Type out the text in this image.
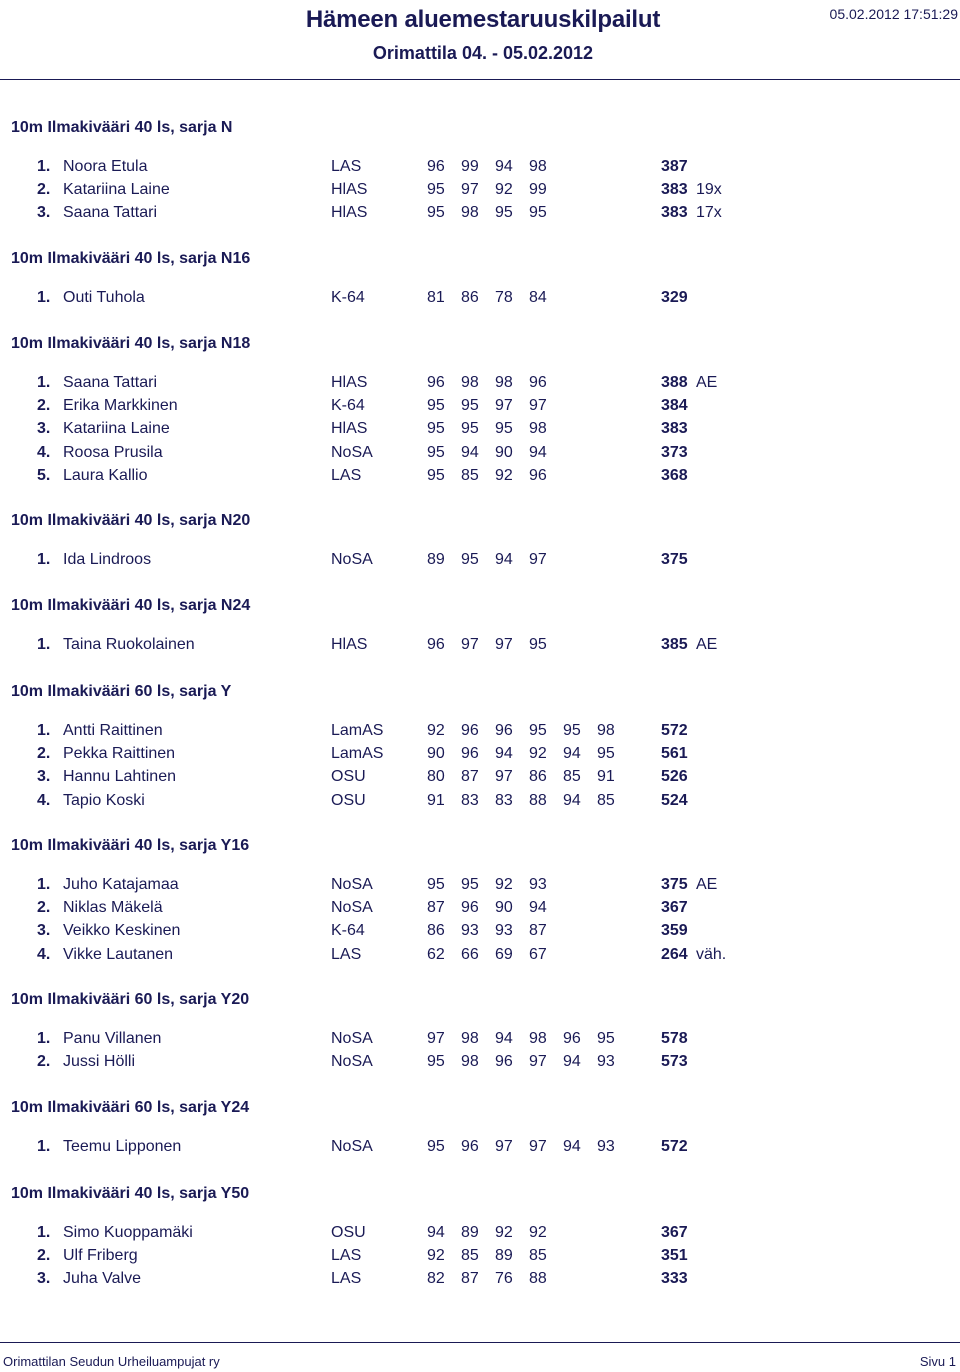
Hämeen aluemestaruuskilpailut
Orimattila 04. - 05.02.2012
05.02.2012 17:51:29
10m Ilmakivääri 40 ls, sarja N
1. Noora Etula	LAS	96 99 94 98	387
2. Katariina Laine	HlAS	95 97 92 99	383 19x
3. Saana Tattari	HlAS	95 98 95 95	383 17x
10m Ilmakivääri 40 ls, sarja N16
1. Outi Tuhola	K-64	81 86 78 84	329
10m Ilmakivääri 40 ls, sarja N18
1. Saana Tattari	HlAS	96 98 98 96	388 AE
2. Erika Markkinen	K-64	95 95 97 97	384
3. Katariina Laine	HlAS	95 95 95 98	383
4. Roosa Prusila	NoSA	95 94 90 94	373
5. Laura Kallio	LAS	95 85 92 96	368
10m Ilmakivääri 40 ls, sarja N20
1. Ida Lindroos	NoSA	89 95 94 97	375
10m Ilmakivääri 40 ls, sarja N24
1. Taina Ruokolainen	HlAS	96 97 97 95	385 AE
10m Ilmakivääri 60 ls, sarja Y
1. Antti Raittinen	LamAS	92 96 96 95 95 98	572
2. Pekka Raittinen	LamAS	90 96 94 92 94 95	561
3. Hannu Lahtinen	OSU	80 87 97 86 85 91	526
4. Tapio Koski	OSU	91 83 83 88 94 85	524
10m Ilmakivääri 40 ls, sarja Y16
1. Juho Katajamaa	NoSA	95 95 92 93	375 AE
2. Niklas Mäkelä	NoSA	87 96 90 94	367
3. Veikko Keskinen	K-64	86 93 93 87	359
4. Vikke Lautanen	LAS	62 66 69 67	264 väh.
10m Ilmakivääri 60 ls, sarja Y20
1. Panu Villanen	NoSA	97 98 94 98 96 95	578
2. Jussi Hölli	NoSA	95 98 96 97 94 93	573
10m Ilmakivääri 60 ls, sarja Y24
1. Teemu Lipponen	NoSA	95 96 97 97 94 93	572
10m Ilmakivääri 40 ls, sarja Y50
1. Simo Kuoppamäki	OSU	94 89 92 92	367
2. Ulf Friberg	LAS	92 85 89 85	351
3. Juha Valve	LAS	82 87 76 88	333
Orimattilan Seudun Urheiluampujat ry	Sivu 1
